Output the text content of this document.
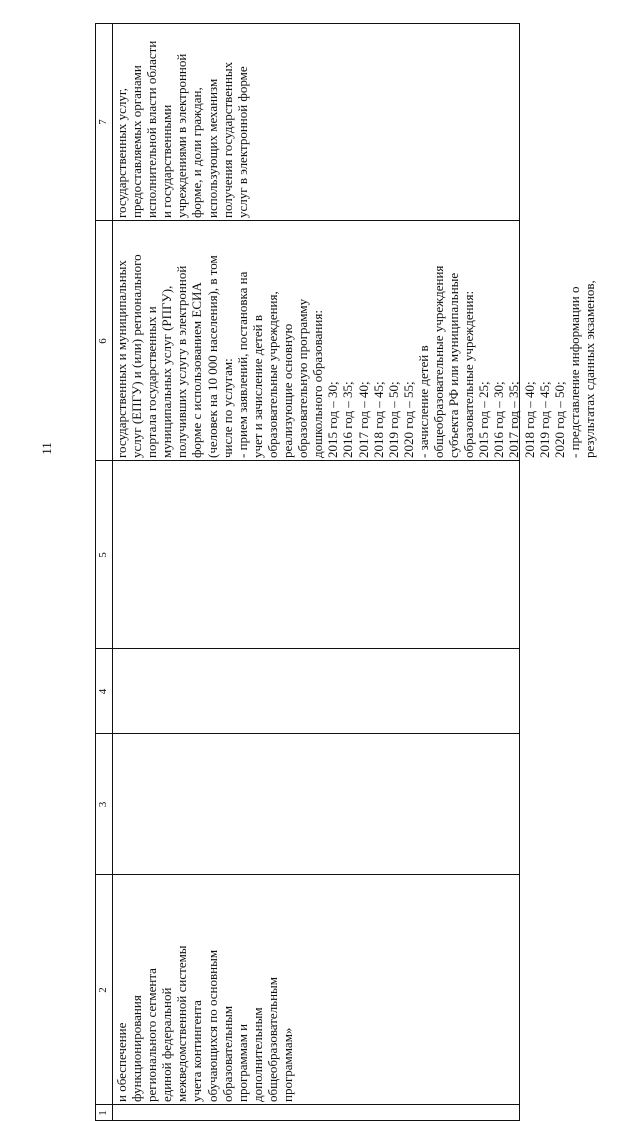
11
1
2
и обеспечение функционирования регионального сегмента единой федеральной межведомственной системы учета контингента обучающихся по основным образовательным программам и дополнительным общеобразовательным программам»
3
4
5
6 государственных и муниципальных услуг (ЕПГУ) и (или) регионального портала государственных и муниципальных услуг (РПГУ), получивших услугу в электронной форме с использованием ЕСИА (человек на 10 000 населения), в том числе по услугам: - прием заявлений, постановка на учет и зачисление детей в образовательные учреждения, реализующие основную образовательную программу дошкольного образования: 2015 год – 30; 2016 год – 35; 2017 год – 40; 2018 год – 45; 2019 год – 50; 2020 год – 55; - зачисление детей в общеобразовательные учреждения субъекта РФ или муниципальные образовательные учреждения: 2015 год – 25; 2016 год – 30; 2017 год – 35; 2018 год – 40; 2019 год – 45; 2020 год – 50; - представление информации о результатах сданных экзаменов,
7 государственных услуг, предоставляемых органами исполнительной власти области и государственными учреждениями в электронной форме, и доли граждан, использующих механизм получения государственных услуг в электронной форме
